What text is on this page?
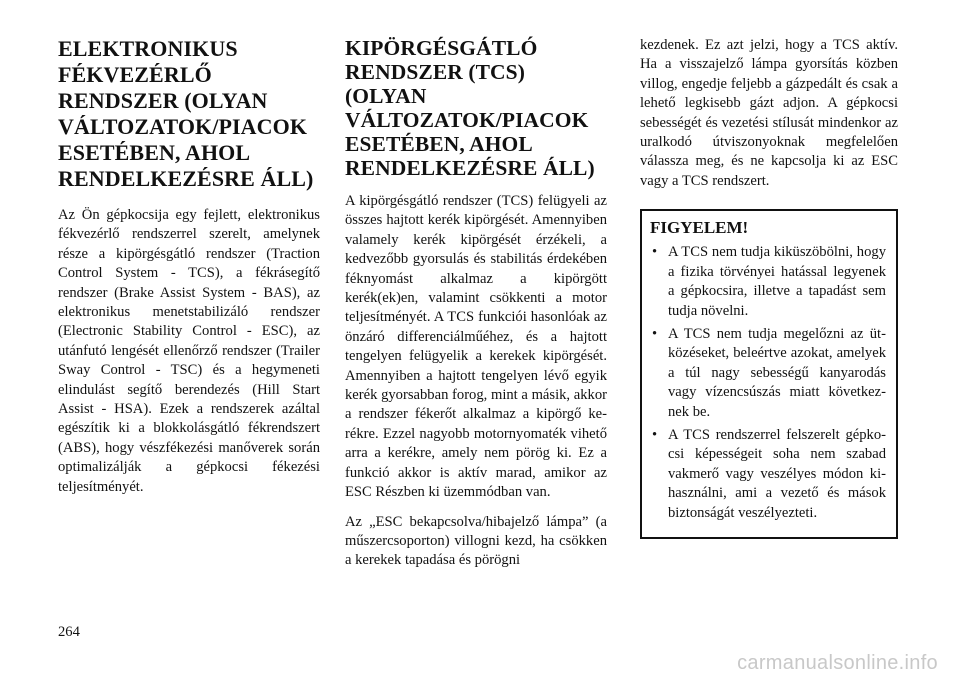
ELEKTRONIKUS FÉKVEZÉRLŐ RENDSZER (OLYAN VÁLTOZATOK/PIACOK ESETÉBEN, AHOL RENDELKEZÉSRE ÁLL)

Az Ön gépkocsija egy fejlett, elektronikus fékvezérlő rendszerrel szerelt, amelynek része a kipörgésgátló rendszer (Traction Control System - TCS), a fékrásegítő rendszer (Brake Assist System - BAS), az elektronikus menetstabilizáló rendszer (Electronic Stability Control - ESC), az utánfutó lengését ellenőrző rendszer (Trailer Sway Control - TSC) és a hegymeneti elindulást segítő berendezés (Hill Start Assist - HSA). Ezek a rendszerek azáltal egészítik ki a blokkolásgátló fékrendszert (ABS), hogy vészfékezési manőverek során optimalizálják a gépkocsi fékezési teljesítményét.

KIPÖRGÉSGÁTLÓ RENDSZER (TCS) (OLYAN VÁLTOZATOK/PIACOK ESETÉBEN, AHOL RENDELKEZÉSRE ÁLL)

A kipörgésgátló rendszer (TCS) felügyeli az összes hajtott kerék kipörgését. Amennyiben valamely kerék kipörgését érzékeli, a kedvezőbb gyorsulás és stabilitás érdekében féknyomást alkalmaz a kipörgött kerék(ek)en, valamint csökkenti a motor teljesítményét. A TCS funkciói hasonlóak az önzáró differenciálműéhez, és a hajtott tengelyen felügyelik a kerekek kipörgését. Amennyiben a hajtott tengelyen lévő egyik kerék gyorsabban forog, mint a másik, akkor a rendszer fékerőt alkalmaz a kipörgő kerékre. Ezzel nagyobb motornyomaték vihető arra a kerékre, amely nem pörög ki. Ez a funkció akkor is aktív marad, amikor az ESC Részben ki üzemmódban van.

Az „ESC bekapcsolva/hibajelző lámpa” (a műszercsoporton) villogni kezd, ha csökken a kerekek tapadása és pörögni

kezdenek. Ez azt jelzi, hogy a TCS aktív. Ha a visszajelző lámpa gyorsítás közben villog, engedje feljebb a gázpedált és csak a lehető legkisebb gázt adjon. A gépkocsi sebességét és vezetési stílusát mindenkor az uralkodó útviszonyoknak megfelelően válassza meg, és ne kapcsolja ki az ESC vagy a TCS rendszert.

FIGYELEM!
• A TCS nem tudja kiküszöbölni, hogy a fizika törvényei hatással legyenek a gépkocsira, illetve a tapadást sem tudja növelni.
• A TCS nem tudja megelőzni az ütközéseket, beleértve azokat, amelyek a túl nagy sebességű kanyarodás vagy vízencsúszás miatt következnek be.
• A TCS rendszerrel felszerelt gépkocsi képességeit soha nem szabad vakmerő vagy veszélyes módon kihasználni, ami a vezető és mások biztonságát veszélyezteti.
264
carmanualsonline.info
